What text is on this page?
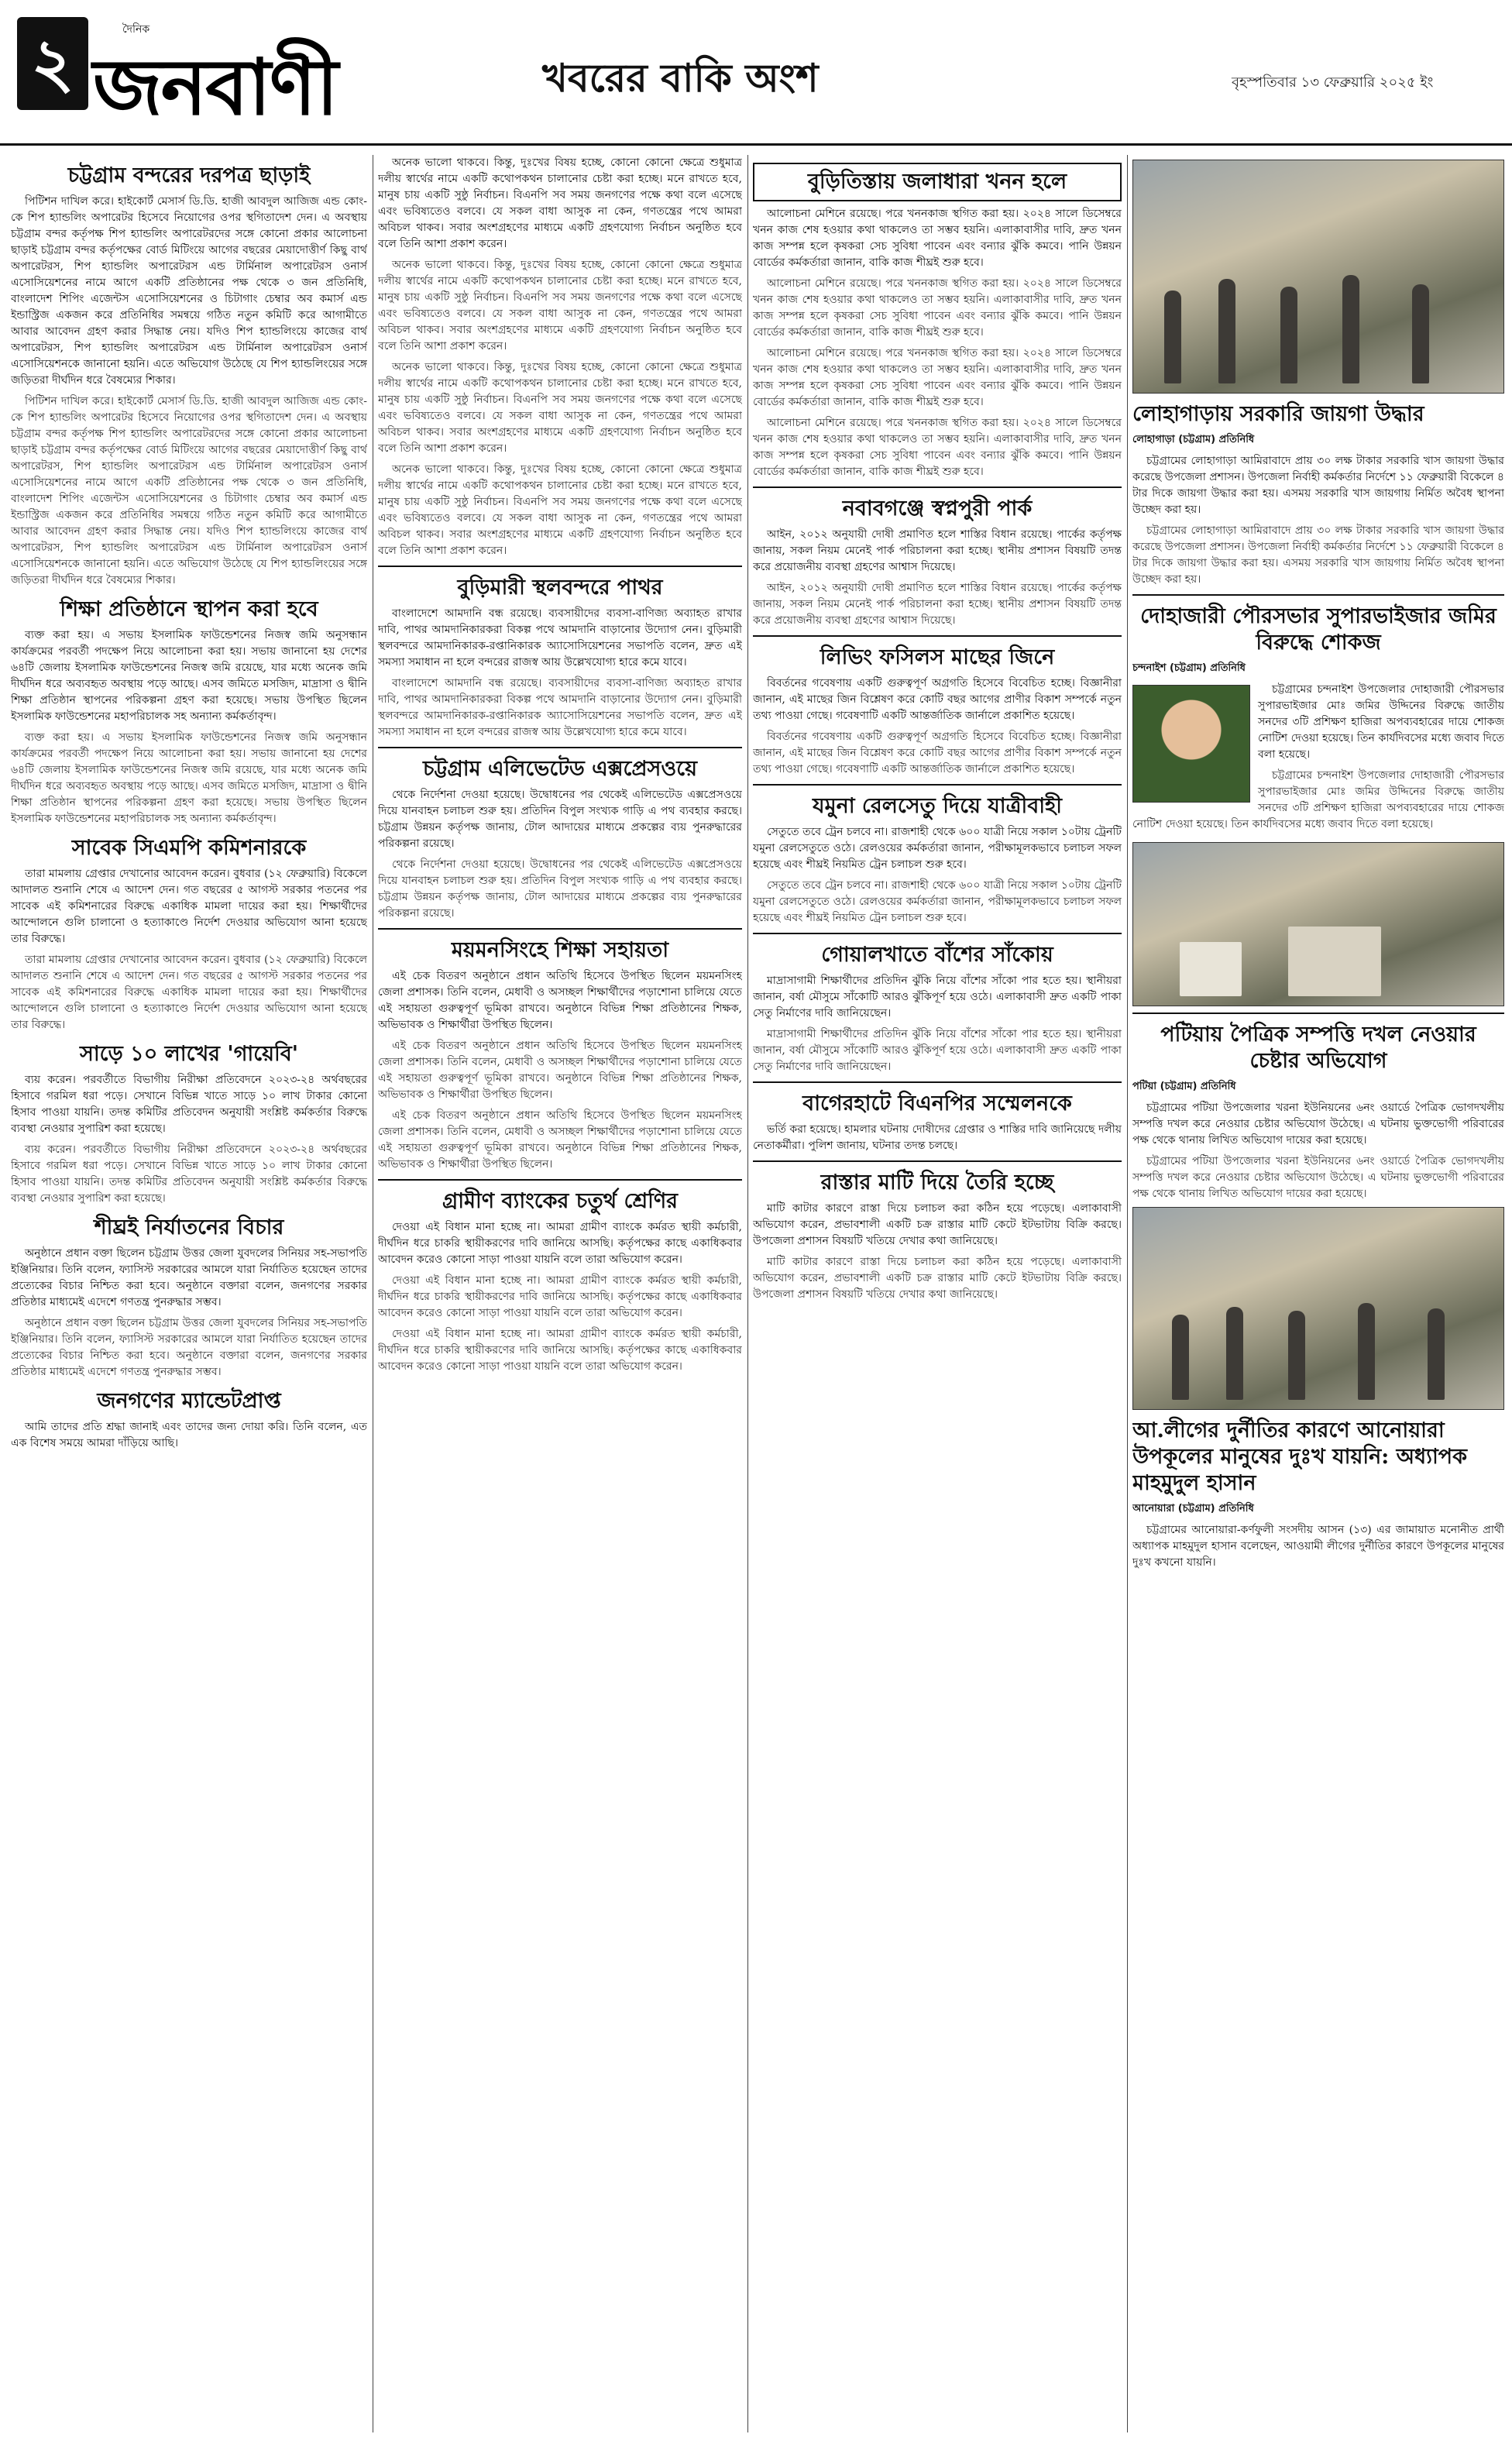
২	দৈনিক
জনবাণী	খবরের বাকি অংশ	বৃহস্পতিবার ১৩ ফেব্রুয়ারি ২০২৫ ইং
চট্টগ্রাম বন্দরের দরপত্র ছাড়াই

পিটিশন দাখিল করে। হাইকোর্ট মেসার্স ডি.ডি. হাজী আবদুল আজিজ এন্ড কোং-কে শিপ হ্যান্ডলিং অপারেটর হিসেবে নিয়োগের ওপর স্থগিতাদেশ দেন। এ অবস্থায় চট্টগ্রাম বন্দর কর্তৃপক্ষ শিপ হ্যান্ডলিং অপারেটরদের সঙ্গে কোনো প্রকার আলোচনা ছাড়াই চট্টগ্রাম বন্দর কর্তৃপক্ষের বোর্ড মিটিংয়ে আগের বছরের মেয়াদোত্তীর্ণ কিছু বার্থ অপারেটরস, শিপ হ্যান্ডলিং অপারেটরস এন্ড টার্মিনাল অপারেটরস ওনার্স এসোসিয়েশনের নামে আগে একটি প্রতিষ্ঠানের পক্ষ থেকে ৩ জন প্রতিনিধি, বাংলাদেশ শিপিং এজেন্টস এসোসিয়েশনের ও চিটাগাং চেম্বার অব কমার্স এন্ড ইন্ডাস্ট্রিজ একজন করে প্রতিনিধির সমন্বয়ে গঠিত নতুন কমিটি করে আগামীতে আবার আবেদন গ্রহণ করার সিদ্ধান্ত নেয়। যদিও শিপ হ্যান্ডলিংয়ে কাজের বার্থ অপারেটরস, শিপ হ্যান্ডলিং অপারেটরস এন্ড টার্মিনাল অপারেটরস ওনার্স এসোসিয়েশনকে জানানো হয়নি। এতে অভিযোগ উঠেছে যে শিপ হ্যান্ডলিংয়ের সঙ্গে জড়িতরা দীর্ঘদিন ধরে বৈষম্যের শিকার।

পিটিশন দাখিল করে। হাইকোর্ট মেসার্স ডি.ডি. হাজী আবদুল আজিজ এন্ড কোং-কে শিপ হ্যান্ডলিং অপারেটর হিসেবে নিয়োগের ওপর স্থগিতাদেশ দেন। এ অবস্থায় চট্টগ্রাম বন্দর কর্তৃপক্ষ শিপ হ্যান্ডলিং অপারেটরদের সঙ্গে কোনো প্রকার আলোচনা ছাড়াই চট্টগ্রাম বন্দর কর্তৃপক্ষের বোর্ড মিটিংয়ে আগের বছরের মেয়াদোত্তীর্ণ কিছু বার্থ অপারেটরস, শিপ হ্যান্ডলিং অপারেটরস এন্ড টার্মিনাল অপারেটরস ওনার্স এসোসিয়েশনের নামে আগে একটি প্রতিষ্ঠানের পক্ষ থেকে ৩ জন প্রতিনিধি, বাংলাদেশ শিপিং এজেন্টস এসোসিয়েশনের ও চিটাগাং চেম্বার অব কমার্স এন্ড ইন্ডাস্ট্রিজ একজন করে প্রতিনিধির সমন্বয়ে গঠিত নতুন কমিটি করে আগামীতে আবার আবেদন গ্রহণ করার সিদ্ধান্ত নেয়। যদিও শিপ হ্যান্ডলিংয়ে কাজের বার্থ অপারেটরস, শিপ হ্যান্ডলিং অপারেটরস এন্ড টার্মিনাল অপারেটরস ওনার্স এসোসিয়েশনকে জানানো হয়নি। এতে অভিযোগ উঠেছে যে শিপ হ্যান্ডলিংয়ের সঙ্গে জড়িতরা দীর্ঘদিন ধরে বৈষম্যের শিকার।

শিক্ষা প্রতিষ্ঠানে স্থাপন করা হবে

ব্যক্ত করা হয়। এ সভায় ইসলামিক ফাউন্ডেশনের নিজস্ব জমি অনুসন্ধান কার্যক্রমের পরবর্তী পদক্ষেপ নিয়ে আলোচনা করা হয়। সভায় জানানো হয় দেশের ৬৪টি জেলায় ইসলামিক ফাউন্ডেশনের নিজস্ব জমি রয়েছে, যার মধ্যে অনেক জমি দীর্ঘদিন ধরে অব্যবহৃত অবস্থায় পড়ে আছে। এসব জমিতে মসজিদ, মাদ্রাসা ও দ্বীনি শিক্ষা প্রতিষ্ঠান স্থাপনের পরিকল্পনা গ্রহণ করা হয়েছে। সভায় উপস্থিত ছিলেন ইসলামিক ফাউন্ডেশনের মহাপরিচালক সহ অন্যান্য কর্মকর্তাবৃন্দ।

ব্যক্ত করা হয়। এ সভায় ইসলামিক ফাউন্ডেশনের নিজস্ব জমি অনুসন্ধান কার্যক্রমের পরবর্তী পদক্ষেপ নিয়ে আলোচনা করা হয়। সভায় জানানো হয় দেশের ৬৪টি জেলায় ইসলামিক ফাউন্ডেশনের নিজস্ব জমি রয়েছে, যার মধ্যে অনেক জমি দীর্ঘদিন ধরে অব্যবহৃত অবস্থায় পড়ে আছে। এসব জমিতে মসজিদ, মাদ্রাসা ও দ্বীনি শিক্ষা প্রতিষ্ঠান স্থাপনের পরিকল্পনা গ্রহণ করা হয়েছে। সভায় উপস্থিত ছিলেন ইসলামিক ফাউন্ডেশনের মহাপরিচালক সহ অন্যান্য কর্মকর্তাবৃন্দ।

সাবেক সিএমপি কমিশনারকে

তারা মামলায় গ্রেপ্তার দেখানোর আবেদন করেন। বুধবার (১২ ফেব্রুয়ারি) বিকেলে আদালত শুনানি শেষে এ আদেশ দেন। গত বছরের ৫ আগস্ট সরকার পতনের পর সাবেক এই কমিশনারের বিরুদ্ধে একাধিক মামলা দায়ের করা হয়। শিক্ষার্থীদের আন্দোলনে গুলি চালানো ও হত্যাকাণ্ডে নির্দেশ দেওয়ার অভিযোগ আনা হয়েছে তার বিরুদ্ধে।

তারা মামলায় গ্রেপ্তার দেখানোর আবেদন করেন। বুধবার (১২ ফেব্রুয়ারি) বিকেলে আদালত শুনানি শেষে এ আদেশ দেন। গত বছরের ৫ আগস্ট সরকার পতনের পর সাবেক এই কমিশনারের বিরুদ্ধে একাধিক মামলা দায়ের করা হয়। শিক্ষার্থীদের আন্দোলনে গুলি চালানো ও হত্যাকাণ্ডে নির্দেশ দেওয়ার অভিযোগ আনা হয়েছে তার বিরুদ্ধে।

সাড়ে ১০ লাখের 'গায়েবি'

ব্যয় করেন। পরবর্তীতে বিভাগীয় নিরীক্ষা প্রতিবেদনে ২০২৩-২৪ অর্থবছরের হিসাবে গরমিল ধরা পড়ে। সেখানে বিভিন্ন খাতে সাড়ে ১০ লাখ টাকার কোনো হিসাব পাওয়া যায়নি। তদন্ত কমিটির প্রতিবেদন অনুযায়ী সংশ্লিষ্ট কর্মকর্তার বিরুদ্ধে ব্যবস্থা নেওয়ার সুপারিশ করা হয়েছে।

ব্যয় করেন। পরবর্তীতে বিভাগীয় নিরীক্ষা প্রতিবেদনে ২০২৩-২৪ অর্থবছরের হিসাবে গরমিল ধরা পড়ে। সেখানে বিভিন্ন খাতে সাড়ে ১০ লাখ টাকার কোনো হিসাব পাওয়া যায়নি। তদন্ত কমিটির প্রতিবেদন অনুযায়ী সংশ্লিষ্ট কর্মকর্তার বিরুদ্ধে ব্যবস্থা নেওয়ার সুপারিশ করা হয়েছে।

শীঘ্রই নির্যাতনের বিচার

অনুষ্ঠানে প্রধান বক্তা ছিলেন চট্টগ্রাম উত্তর জেলা যুবদলের সিনিয়র সহ-সভাপতি ইঞ্জিনিয়ার। তিনি বলেন, ফ্যাসিস্ট সরকারের আমলে যারা নির্যাতিত হয়েছেন তাদের প্রত্যেকের বিচার নিশ্চিত করা হবে। অনুষ্ঠানে বক্তারা বলেন, জনগণের সরকার প্রতিষ্ঠার মাধ্যমেই এদেশে গণতন্ত্র পুনরুদ্ধার সম্ভব।

অনুষ্ঠানে প্রধান বক্তা ছিলেন চট্টগ্রাম উত্তর জেলা যুবদলের সিনিয়র সহ-সভাপতি ইঞ্জিনিয়ার। তিনি বলেন, ফ্যাসিস্ট সরকারের আমলে যারা নির্যাতিত হয়েছেন তাদের প্রত্যেকের বিচার নিশ্চিত করা হবে। অনুষ্ঠানে বক্তারা বলেন, জনগণের সরকার প্রতিষ্ঠার মাধ্যমেই এদেশে গণতন্ত্র পুনরুদ্ধার সম্ভব।

জনগণের ম্যান্ডেটপ্রাপ্ত

আমি তাদের প্রতি শ্রদ্ধা জানাই এবং তাদের জন্য দোয়া করি। তিনি বলেন, এত এক বিশেষ সময়ে আমরা দাঁড়িয়ে আছি।

অনেক ভালো থাকবে। কিন্তু, দুঃখের বিষয় হচ্ছে, কোনো কোনো ক্ষেত্রে শুধুমাত্র দলীয় স্বার্থের নামে একটি কথোপকথন চালানোর চেষ্টা করা হচ্ছে। মনে রাখতে হবে, মানুষ চায় একটি সুষ্ঠু নির্বাচন। বিএনপি সব সময় জনগণের পক্ষে কথা বলে এসেছে এবং ভবিষ্যতেও বলবে। যে সকল বাধা আসুক না কেন, গণতন্ত্রের পথে আমরা অবিচল থাকব। সবার অংশগ্রহণের মাধ্যমে একটি গ্রহণযোগ্য নির্বাচন অনুষ্ঠিত হবে বলে তিনি আশা প্রকাশ করেন।

অনেক ভালো থাকবে। কিন্তু, দুঃখের বিষয় হচ্ছে, কোনো কোনো ক্ষেত্রে শুধুমাত্র দলীয় স্বার্থের নামে একটি কথোপকথন চালানোর চেষ্টা করা হচ্ছে। মনে রাখতে হবে, মানুষ চায় একটি সুষ্ঠু নির্বাচন। বিএনপি সব সময় জনগণের পক্ষে কথা বলে এসেছে এবং ভবিষ্যতেও বলবে। যে সকল বাধা আসুক না কেন, গণতন্ত্রের পথে আমরা অবিচল থাকব। সবার অংশগ্রহণের মাধ্যমে একটি গ্রহণযোগ্য নির্বাচন অনুষ্ঠিত হবে বলে তিনি আশা প্রকাশ করেন।

অনেক ভালো থাকবে। কিন্তু, দুঃখের বিষয় হচ্ছে, কোনো কোনো ক্ষেত্রে শুধুমাত্র দলীয় স্বার্থের নামে একটি কথোপকথন চালানোর চেষ্টা করা হচ্ছে। মনে রাখতে হবে, মানুষ চায় একটি সুষ্ঠু নির্বাচন। বিএনপি সব সময় জনগণের পক্ষে কথা বলে এসেছে এবং ভবিষ্যতেও বলবে। যে সকল বাধা আসুক না কেন, গণতন্ত্রের পথে আমরা অবিচল থাকব। সবার অংশগ্রহণের মাধ্যমে একটি গ্রহণযোগ্য নির্বাচন অনুষ্ঠিত হবে বলে তিনি আশা প্রকাশ করেন।

অনেক ভালো থাকবে। কিন্তু, দুঃখের বিষয় হচ্ছে, কোনো কোনো ক্ষেত্রে শুধুমাত্র দলীয় স্বার্থের নামে একটি কথোপকথন চালানোর চেষ্টা করা হচ্ছে। মনে রাখতে হবে, মানুষ চায় একটি সুষ্ঠু নির্বাচন। বিএনপি সব সময় জনগণের পক্ষে কথা বলে এসেছে এবং ভবিষ্যতেও বলবে। যে সকল বাধা আসুক না কেন, গণতন্ত্রের পথে আমরা অবিচল থাকব। সবার অংশগ্রহণের মাধ্যমে একটি গ্রহণযোগ্য নির্বাচন অনুষ্ঠিত হবে বলে তিনি আশা প্রকাশ করেন।

বুড়িমারী স্থলবন্দরে পাথর

বাংলাদেশে আমদানি বন্ধ রয়েছে। ব্যবসায়ীদের ব্যবসা-বাণিজ্য অব্যাহত রাখার দাবি, পাথর আমদানিকারকরা বিকল্প পথে আমদানি বাড়ানোর উদ্যোগ নেন। বুড়িমারী স্থলবন্দরে আমদানিকারক-রপ্তানিকারক অ্যাসোসিয়েশনের সভাপতি বলেন, দ্রুত এই সমস্যা সমাধান না হলে বন্দরের রাজস্ব আয় উল্লেখযোগ্য হারে কমে যাবে।

বাংলাদেশে আমদানি বন্ধ রয়েছে। ব্যবসায়ীদের ব্যবসা-বাণিজ্য অব্যাহত রাখার দাবি, পাথর আমদানিকারকরা বিকল্প পথে আমদানি বাড়ানোর উদ্যোগ নেন। বুড়িমারী স্থলবন্দরে আমদানিকারক-রপ্তানিকারক অ্যাসোসিয়েশনের সভাপতি বলেন, দ্রুত এই সমস্যা সমাধান না হলে বন্দরের রাজস্ব আয় উল্লেখযোগ্য হারে কমে যাবে।

চট্টগ্রাম এলিভেটেড এক্সপ্রেসওয়ে

থেকে নির্দেশনা দেওয়া হয়েছে। উদ্বোধনের পর থেকেই এলিভেটেড এক্সপ্রেসওয়ে দিয়ে যানবাহন চলাচল শুরু হয়। প্রতিদিন বিপুল সংখ্যক গাড়ি এ পথ ব্যবহার করছে। চট্টগ্রাম উন্নয়ন কর্তৃপক্ষ জানায়, টোল আদায়ের মাধ্যমে প্রকল্পের ব্যয় পুনরুদ্ধারের পরিকল্পনা রয়েছে।

থেকে নির্দেশনা দেওয়া হয়েছে। উদ্বোধনের পর থেকেই এলিভেটেড এক্সপ্রেসওয়ে দিয়ে যানবাহন চলাচল শুরু হয়। প্রতিদিন বিপুল সংখ্যক গাড়ি এ পথ ব্যবহার করছে। চট্টগ্রাম উন্নয়ন কর্তৃপক্ষ জানায়, টোল আদায়ের মাধ্যমে প্রকল্পের ব্যয় পুনরুদ্ধারের পরিকল্পনা রয়েছে।

ময়মনসিংহে শিক্ষা সহায়তা

এই চেক বিতরণ অনুষ্ঠানে প্রধান অতিথি হিসেবে উপস্থিত ছিলেন ময়মনসিংহ জেলা প্রশাসক। তিনি বলেন, মেধাবী ও অসচ্ছল শিক্ষার্থীদের পড়াশোনা চালিয়ে যেতে এই সহায়তা গুরুত্বপূর্ণ ভূমিকা রাখবে। অনুষ্ঠানে বিভিন্ন শিক্ষা প্রতিষ্ঠানের শিক্ষক, অভিভাবক ও শিক্ষার্থীরা উপস্থিত ছিলেন।

এই চেক বিতরণ অনুষ্ঠানে প্রধান অতিথি হিসেবে উপস্থিত ছিলেন ময়মনসিংহ জেলা প্রশাসক। তিনি বলেন, মেধাবী ও অসচ্ছল শিক্ষার্থীদের পড়াশোনা চালিয়ে যেতে এই সহায়তা গুরুত্বপূর্ণ ভূমিকা রাখবে। অনুষ্ঠানে বিভিন্ন শিক্ষা প্রতিষ্ঠানের শিক্ষক, অভিভাবক ও শিক্ষার্থীরা উপস্থিত ছিলেন।

এই চেক বিতরণ অনুষ্ঠানে প্রধান অতিথি হিসেবে উপস্থিত ছিলেন ময়মনসিংহ জেলা প্রশাসক। তিনি বলেন, মেধাবী ও অসচ্ছল শিক্ষার্থীদের পড়াশোনা চালিয়ে যেতে এই সহায়তা গুরুত্বপূর্ণ ভূমিকা রাখবে। অনুষ্ঠানে বিভিন্ন শিক্ষা প্রতিষ্ঠানের শিক্ষক, অভিভাবক ও শিক্ষার্থীরা উপস্থিত ছিলেন।

গ্রামীণ ব্যাংকের চতুর্থ শ্রেণির

দেওয়া এই বিধান মানা হচ্ছে না। আমরা গ্রামীণ ব্যাংকে কর্মরত স্থায়ী কর্মচারী, দীর্ঘদিন ধরে চাকরি স্থায়ীকরণের দাবি জানিয়ে আসছি। কর্তৃপক্ষের কাছে একাধিকবার আবেদন করেও কোনো সাড়া পাওয়া যায়নি বলে তারা অভিযোগ করেন।

দেওয়া এই বিধান মানা হচ্ছে না। আমরা গ্রামীণ ব্যাংকে কর্মরত স্থায়ী কর্মচারী, দীর্ঘদিন ধরে চাকরি স্থায়ীকরণের দাবি জানিয়ে আসছি। কর্তৃপক্ষের কাছে একাধিকবার আবেদন করেও কোনো সাড়া পাওয়া যায়নি বলে তারা অভিযোগ করেন।

দেওয়া এই বিধান মানা হচ্ছে না। আমরা গ্রামীণ ব্যাংকে কর্মরত স্থায়ী কর্মচারী, দীর্ঘদিন ধরে চাকরি স্থায়ীকরণের দাবি জানিয়ে আসছি। কর্তৃপক্ষের কাছে একাধিকবার আবেদন করেও কোনো সাড়া পাওয়া যায়নি বলে তারা অভিযোগ করেন।

বুড়িতিস্তায় জলাধারা খনন হলে

আলোচনা মেশিনে রয়েছে। পরে খননকাজ স্থগিত করা হয়। ২০২৪ সালে ডিসেম্বরে খনন কাজ শেষ হওয়ার কথা থাকলেও তা সম্ভব হয়নি। এলাকাবাসীর দাবি, দ্রুত খনন কাজ সম্পন্ন হলে কৃষকরা সেচ সুবিধা পাবেন এবং বন্যার ঝুঁকি কমবে। পানি উন্নয়ন বোর্ডের কর্মকর্তারা জানান, বাকি কাজ শীঘ্রই শুরু হবে।

আলোচনা মেশিনে রয়েছে। পরে খননকাজ স্থগিত করা হয়। ২০২৪ সালে ডিসেম্বরে খনন কাজ শেষ হওয়ার কথা থাকলেও তা সম্ভব হয়নি। এলাকাবাসীর দাবি, দ্রুত খনন কাজ সম্পন্ন হলে কৃষকরা সেচ সুবিধা পাবেন এবং বন্যার ঝুঁকি কমবে। পানি উন্নয়ন বোর্ডের কর্মকর্তারা জানান, বাকি কাজ শীঘ্রই শুরু হবে।

আলোচনা মেশিনে রয়েছে। পরে খননকাজ স্থগিত করা হয়। ২০২৪ সালে ডিসেম্বরে খনন কাজ শেষ হওয়ার কথা থাকলেও তা সম্ভব হয়নি। এলাকাবাসীর দাবি, দ্রুত খনন কাজ সম্পন্ন হলে কৃষকরা সেচ সুবিধা পাবেন এবং বন্যার ঝুঁকি কমবে। পানি উন্নয়ন বোর্ডের কর্মকর্তারা জানান, বাকি কাজ শীঘ্রই শুরু হবে।

আলোচনা মেশিনে রয়েছে। পরে খননকাজ স্থগিত করা হয়। ২০২৪ সালে ডিসেম্বরে খনন কাজ শেষ হওয়ার কথা থাকলেও তা সম্ভব হয়নি। এলাকাবাসীর দাবি, দ্রুত খনন কাজ সম্পন্ন হলে কৃষকরা সেচ সুবিধা পাবেন এবং বন্যার ঝুঁকি কমবে। পানি উন্নয়ন বোর্ডের কর্মকর্তারা জানান, বাকি কাজ শীঘ্রই শুরু হবে।

নবাবগঞ্জে স্বপ্নপুরী পার্ক

আইন, ২০১২ অনুযায়ী দোষী প্রমাণিত হলে শাস্তির বিধান রয়েছে। পার্কের কর্তৃপক্ষ জানায়, সকল নিয়ম মেনেই পার্ক পরিচালনা করা হচ্ছে। স্থানীয় প্রশাসন বিষয়টি তদন্ত করে প্রয়োজনীয় ব্যবস্থা গ্রহণের আশ্বাস দিয়েছে।

আইন, ২০১২ অনুযায়ী দোষী প্রমাণিত হলে শাস্তির বিধান রয়েছে। পার্কের কর্তৃপক্ষ জানায়, সকল নিয়ম মেনেই পার্ক পরিচালনা করা হচ্ছে। স্থানীয় প্রশাসন বিষয়টি তদন্ত করে প্রয়োজনীয় ব্যবস্থা গ্রহণের আশ্বাস দিয়েছে।

লিভিং ফসিলস মাছের জিনে

বিবর্তনের গবেষণায় একটি গুরুত্বপূর্ণ অগ্রগতি হিসেবে বিবেচিত হচ্ছে। বিজ্ঞানীরা জানান, এই মাছের জিন বিশ্লেষণ করে কোটি বছর আগের প্রাণীর বিকাশ সম্পর্কে নতুন তথ্য পাওয়া গেছে। গবেষণাটি একটি আন্তর্জাতিক জার্নালে প্রকাশিত হয়েছে।

বিবর্তনের গবেষণায় একটি গুরুত্বপূর্ণ অগ্রগতি হিসেবে বিবেচিত হচ্ছে। বিজ্ঞানীরা জানান, এই মাছের জিন বিশ্লেষণ করে কোটি বছর আগের প্রাণীর বিকাশ সম্পর্কে নতুন তথ্য পাওয়া গেছে। গবেষণাটি একটি আন্তর্জাতিক জার্নালে প্রকাশিত হয়েছে।

যমুনা রেলসেতু দিয়ে যাত্রীবাহী

সেতুতে তবে ট্রেন চলবে না। রাজশাহী থেকে ৬০০ যাত্রী নিয়ে সকাল ১০টায় ট্রেনটি যমুনা রেলসেতুতে ওঠে। রেলওয়ের কর্মকর্তারা জানান, পরীক্ষামূলকভাবে চলাচল সফল হয়েছে এবং শীঘ্রই নিয়মিত ট্রেন চলাচল শুরু হবে।

সেতুতে তবে ট্রেন চলবে না। রাজশাহী থেকে ৬০০ যাত্রী নিয়ে সকাল ১০টায় ট্রেনটি যমুনা রেলসেতুতে ওঠে। রেলওয়ের কর্মকর্তারা জানান, পরীক্ষামূলকভাবে চলাচল সফল হয়েছে এবং শীঘ্রই নিয়মিত ট্রেন চলাচল শুরু হবে।

গোয়ালখাতে বাঁশের সাঁকোয়

মাদ্রাসাগামী শিক্ষার্থীদের প্রতিদিন ঝুঁকি নিয়ে বাঁশের সাঁকো পার হতে হয়। স্থানীয়রা জানান, বর্ষা মৌসুমে সাঁকোটি আরও ঝুঁকিপূর্ণ হয়ে ওঠে। এলাকাবাসী দ্রুত একটি পাকা সেতু নির্মাণের দাবি জানিয়েছেন।

মাদ্রাসাগামী শিক্ষার্থীদের প্রতিদিন ঝুঁকি নিয়ে বাঁশের সাঁকো পার হতে হয়। স্থানীয়রা জানান, বর্ষা মৌসুমে সাঁকোটি আরও ঝুঁকিপূর্ণ হয়ে ওঠে। এলাকাবাসী দ্রুত একটি পাকা সেতু নির্মাণের দাবি জানিয়েছেন।

বাগেরহাটে বিএনপির সম্মেলনকে

ভর্তি করা হয়েছে। হামলার ঘটনায় দোষীদের গ্রেপ্তার ও শাস্তির দাবি জানিয়েছে দলীয় নেতাকর্মীরা। পুলিশ জানায়, ঘটনার তদন্ত চলছে।

রাস্তার মাটি দিয়ে তৈরি হচ্ছে

মাটি কাটার কারণে রাস্তা দিয়ে চলাচল করা কঠিন হয়ে পড়েছে। এলাকাবাসী অভিযোগ করেন, প্রভাবশালী একটি চক্র রাস্তার মাটি কেটে ইটভাটায় বিক্রি করছে। উপজেলা প্রশাসন বিষয়টি খতিয়ে দেখার কথা জানিয়েছে।

মাটি কাটার কারণে রাস্তা দিয়ে চলাচল করা কঠিন হয়ে পড়েছে। এলাকাবাসী অভিযোগ করেন, প্রভাবশালী একটি চক্র রাস্তার মাটি কেটে ইটভাটায় বিক্রি করছে। উপজেলা প্রশাসন বিষয়টি খতিয়ে দেখার কথা জানিয়েছে।

লোহাগাড়ায় সরকারি জায়গা উদ্ধার
লোহাগাড়া (চট্টগ্রাম) প্রতিনিধি

চট্টগ্রামের লোহাগাড়া আমিরাবাদে প্রায় ৩০ লক্ষ টাকার সরকারি খাস জায়গা উদ্ধার করেছে উপজেলা প্রশাসন। উপজেলা নির্বাহী কর্মকর্তার নির্দেশে ১১ ফেব্রুয়ারী বিকেলে ৪ টার দিকে জায়গা উদ্ধার করা হয়। এসময় সরকারি খাস জায়গায় নির্মিত অবৈধ স্থাপনা উচ্ছেদ করা হয়।

চট্টগ্রামের লোহাগাড়া আমিরাবাদে প্রায় ৩০ লক্ষ টাকার সরকারি খাস জায়গা উদ্ধার করেছে উপজেলা প্রশাসন। উপজেলা নির্বাহী কর্মকর্তার নির্দেশে ১১ ফেব্রুয়ারী বিকেলে ৪ টার দিকে জায়গা উদ্ধার করা হয়। এসময় সরকারি খাস জায়গায় নির্মিত অবৈধ স্থাপনা উচ্ছেদ করা হয়।

দোহাজারী পৌরসভার সুপারভাইজার জমির বিরুদ্ধে শোকজ
চন্দনাইশ (চট্টগ্রাম) প্রতিনিধি

চট্টগ্রামের চন্দনাইশ উপজেলার দোহাজারী পৌরসভার সুপারভাইজার মোঃ জমির উদ্দিনের বিরুদ্ধে জাতীয় সনদের ৩টি প্রশিক্ষণ হাজিরা অপব্যবহারের দায়ে শোকজ নোটিশ দেওয়া হয়েছে। তিন কার্যদিবসের মধ্যে জবাব দিতে বলা হয়েছে।

চট্টগ্রামের চন্দনাইশ উপজেলার দোহাজারী পৌরসভার সুপারভাইজার মোঃ জমির উদ্দিনের বিরুদ্ধে জাতীয় সনদের ৩টি প্রশিক্ষণ হাজিরা অপব্যবহারের দায়ে শোকজ নোটিশ দেওয়া হয়েছে। তিন কার্যদিবসের মধ্যে জবাব দিতে বলা হয়েছে।

পটিয়ায় পৈত্রিক সম্পত্তি দখল নেওয়ার চেষ্টার অভিযোগ
পটিয়া (চট্টগ্রাম) প্রতিনিধি

চট্টগ্রামের পটিয়া উপজেলার খরনা ইউনিয়নের ৬নং ওয়ার্ডে পৈত্রিক ভোগদখলীয় সম্পত্তি দখল করে নেওয়ার চেষ্টার অভিযোগ উঠেছে। এ ঘটনায় ভুক্তভোগী পরিবারের পক্ষ থেকে থানায় লিখিত অভিযোগ দায়ের করা হয়েছে।

চট্টগ্রামের পটিয়া উপজেলার খরনা ইউনিয়নের ৬নং ওয়ার্ডে পৈত্রিক ভোগদখলীয় সম্পত্তি দখল করে নেওয়ার চেষ্টার অভিযোগ উঠেছে। এ ঘটনায় ভুক্তভোগী পরিবারের পক্ষ থেকে থানায় লিখিত অভিযোগ দায়ের করা হয়েছে।

আ.লীগের দুর্নীতির কারণে আনোয়ারা উপকূলের মানুষের দুঃখ যায়নি: অধ্যাপক মাহমুদুল হাসান
আনোয়ারা (চট্টগ্রাম) প্রতিনিধি

চট্টগ্রামের আনোয়ারা-কর্ণফুলী সংসদীয় আসন (১৩) এর জামায়াত মনোনীত প্রার্থী অধ্যাপক মাহমুদুল হাসান বলেছেন, আওয়ামী লীগের দুর্নীতির কারণে উপকূলের মানুষের দুঃখ কখনো যায়নি।
